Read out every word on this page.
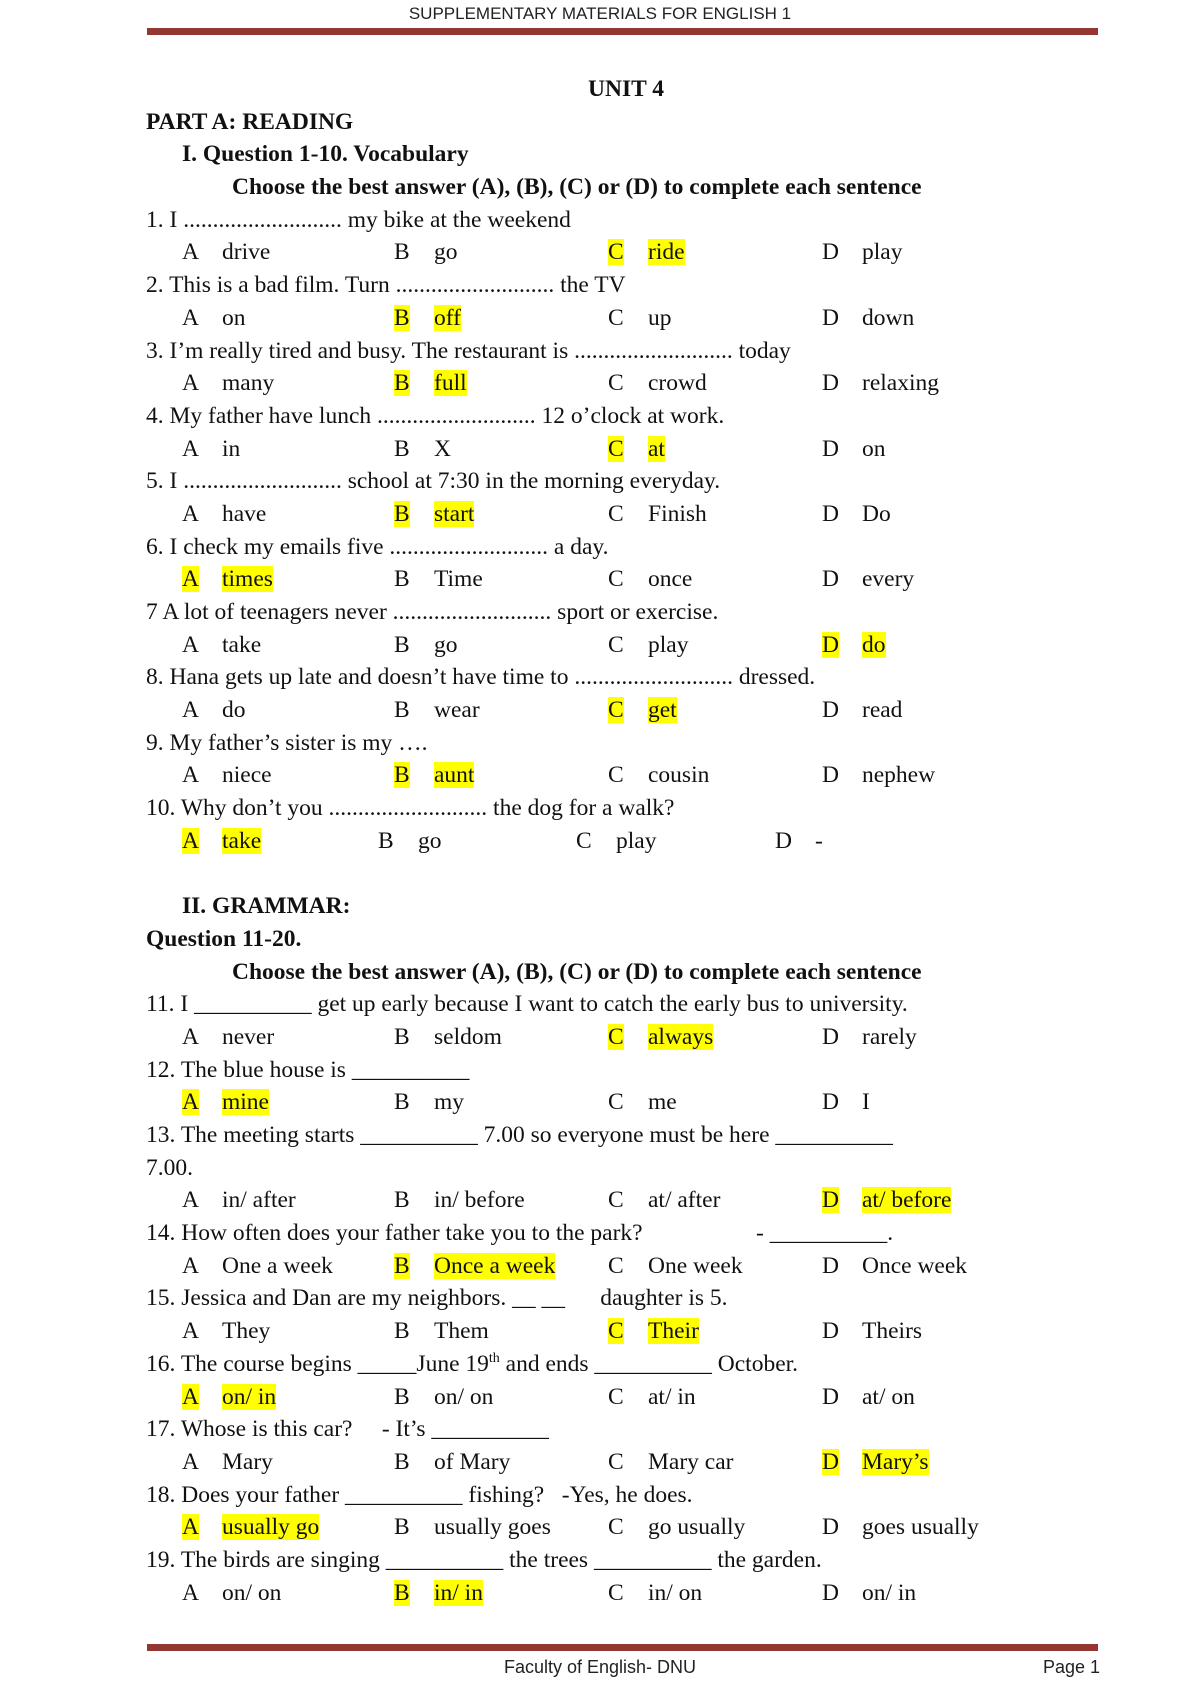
SUPPLEMENTARY MATERIALS FOR ENGLISH 1
UNIT 4
PART A: READING
I. Question 1-10. Vocabulary
Choose the best answer (A), (B), (C) or (D) to complete each sentence
1. I ........................... my bike at the weekend
A drive	B go	C ride	D play
2. This is a bad film. Turn ........................... the TV
A on	B off	C up	D down
3. I’m really tired and busy. The restaurant is ........................... today
A many	B full	C crowd	D relaxing
4. My father have lunch ........................... 12 o’clock at work.
A in	B X	C at	D on
5. I ........................... school at 7:30 in the morning everyday.
A have	B start	C Finish	D Do
6. I check my emails five ........................... a day.
A times	B Time	C once	D every
7 A lot of teenagers never ........................... sport or exercise.
A take	B go	C play	D do
8. Hana gets up late and doesn’t have time to ........................... dressed.
A do	B wear	C get	D read
9. My father’s sister is my ….
A niece	B aunt	C cousin	D nephew
10. Why don’t you ........................... the dog for a walk?
A take	B go	C play	D -
II. GRAMMAR:
Question 11-20.
Choose the best answer (A), (B), (C) or (D) to complete each sentence
11. I __________ get up early because I want to catch the early bus to university.
A never	B seldom	C always	D rarely
12. The blue house is __________
A mine	B my	C me	D I
13. The meeting starts __________ 7.00 so everyone must be here __________
7.00.
A in/ after	B in/ before	C at/ after	D at/ before
14. How often does your father take you to the park?	- __________.
A One a week	B Once a week C One week	D Once week
15. Jessica and Dan are my neighbors. __ __      daughter is 5.
A They	B Them	C Their	D Theirs
16. The course begins _____June 19th and ends __________ October.
A on/ in	B on/ on	C at/ in	D at/ on
17. Whose is this car?     - It’s __________
A Mary	B of Mary	C Mary car	D Mary’s
18. Does your father __________ fishing?   -Yes, he does.
A usually go	B usually goes C go usually	D goes usually
19. The birds are singing __________ the trees __________ the garden.
A on/ on	B in/ in	C in/ on	D on/ in
Faculty of English- DNU	Page 1
